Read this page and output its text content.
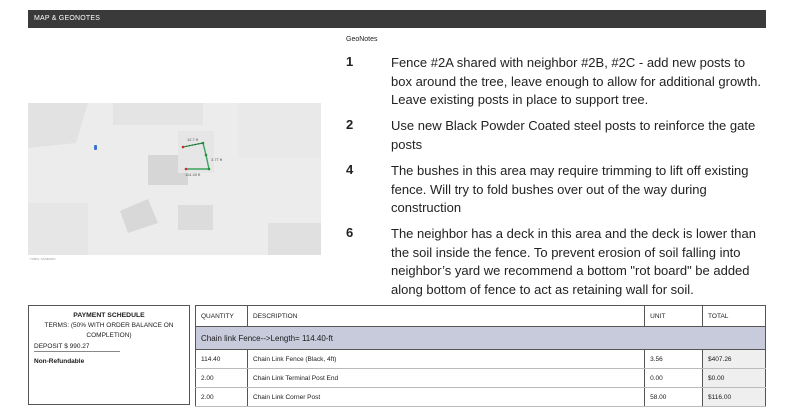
MAP & GEONOTES
12.7 ft
3.77 ft
114.40 ft
TOBIS, SANBORN
GeoNotes
1	Fence #2A shared with neighbor #2B, #2C - add new posts to box around the tree, leave enough to allow for additional growth. Leave existing posts in place to support tree.
2	Use new Black Powder Coated steel posts to reinforce the gate posts
4	The bushes in this area may require trimming to lift off existing fence. Will try to fold bushes over out of the way during construction
6	The neighbor has a deck in this area and the deck is lower than the soil inside the fence. To prevent erosion of soil falling into neighbor’s yard we recommend a bottom "rot board" be added along bottom of fence to act as retaining wall for soil.
PAYMENT SCHEDULE
TERMS: (50% WITH ORDER BALANCE ON COMPLETION)
DEPOSIT $ 990.27
Non-Refundable
QUANTITY	DESCRIPTION	UNIT	TOTAL
Chain link Fence-->Length= 114.40-ft			
114.40	Chain Link Fence (Black, 4ft)	3.56	$407.26
2.00	Chain Link Terminal Post End	0.00	$0.00
2.00	Chain Link Corner Post	58.00	$116.00
